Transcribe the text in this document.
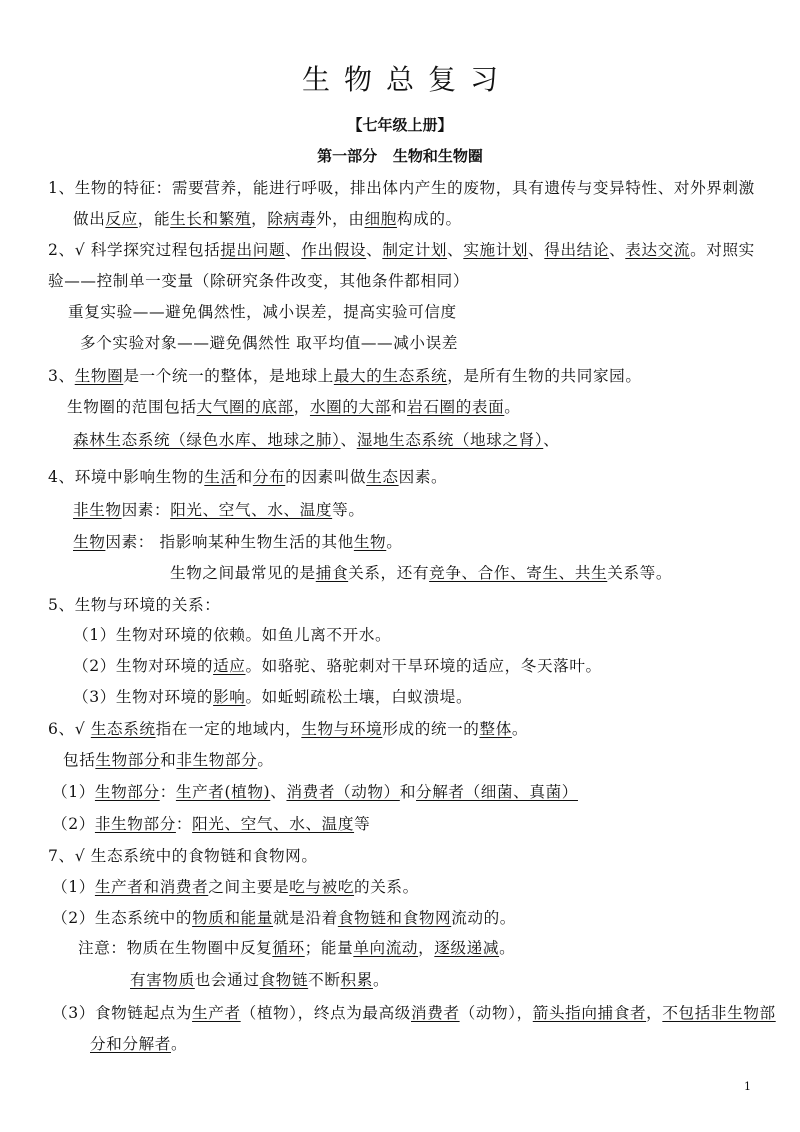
生物总复习
【七年级上册】
第一部分   生物和生物圈
1、生物的特征：需要营养，能进行呼吸，排出体内产生的废物，具有遗传与变异特性、对外界刺激
做出反应，能生长和繁殖，除病毒外，由细胞构成的。
2、√ 科学探究过程包括提出问题、作出假设、制定计划、实施计划、得出结论、表达交流。对照实
验——控制单一变量（除研究条件改变，其他条件都相同）
重复实验——避免偶然性，减小误差，提高实验可信度
多个实验对象——避免偶然性 取平均值——减小误差
3、生物圈是一个统一的整体，是地球上最大的生态系统，是所有生物的共同家园。
生物圈的范围包括大气圈的底部，水圈的大部和岩石圈的表面。
森林生态系统（绿色水库、地球之肺）、湿地生态系统（地球之肾）、
4、环境中影响生物的生活和分布的因素叫做生态因素。
非生物因素：阳光、空气、水、温度等。
生物因素： 指影响某种生物生活的其他生物。
生物之间最常见的是捕食关系，还有竞争、合作、寄生、共生关系等。
5、生物与环境的关系：
（1）生物对环境的依赖。如鱼儿离不开水。
（2）生物对环境的适应。如骆驼、骆驼刺对干旱环境的适应，冬天落叶。
（3）生物对环境的影响。如蚯蚓疏松土壤，白蚁溃堤。
6、√ 生态系统指在一定的地域内，生物与环境形成的统一的整体。
包括生物部分和非生物部分。
（1）生物部分：生产者(植物)、消费者（动物）和分解者（细菌、真菌）
（2）非生物部分：阳光、空气、水、温度等
7、√ 生态系统中的食物链和食物网。
（1）生产者和消费者之间主要是吃与被吃的关系。
（2）生态系统中的物质和能量就是沿着食物链和食物网流动的。
注意：物质在生物圈中反复循环；能量单向流动，逐级递减。
有害物质也会通过食物链不断积累。
（3）食物链起点为生产者（植物），终点为最高级消费者（动物），箭头指向捕食者，不包括非生物部
分和分解者。
1
